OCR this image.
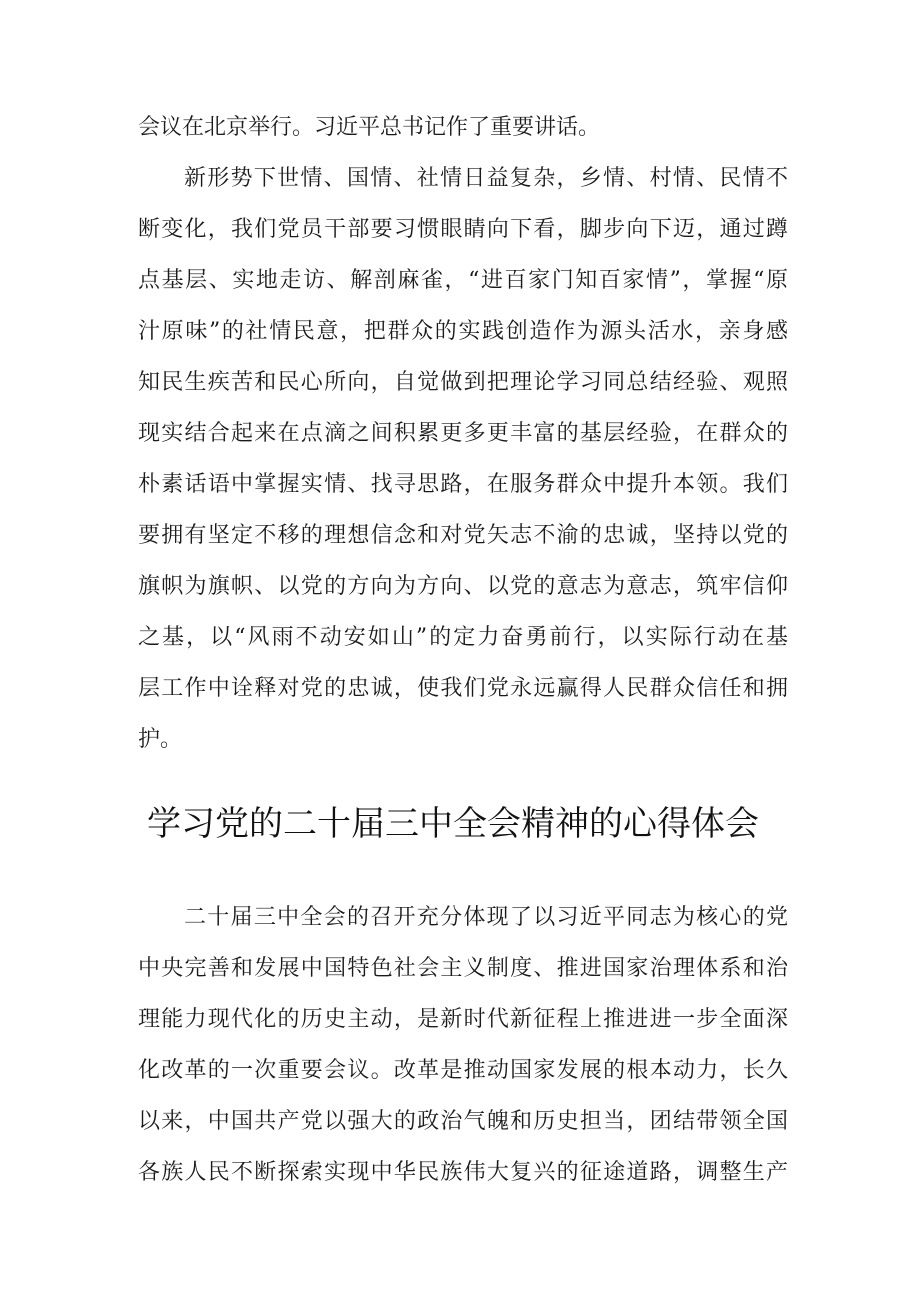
会议在北京举行。习近平总书记作了重要讲话。
新形势下世情、国情、社情日益复杂，乡情、村情、民情不
断变化，我们党员干部要习惯眼睛向下看，脚步向下迈，通过蹲
点基层、实地走访、解剖麻雀，“进百家门知百家情”，掌握“原
汁原味”的社情民意，把群众的实践创造作为源头活水，亲身感
知民生疾苦和民心所向，自觉做到把理论学习同总结经验、观照
现实结合起来在点滴之间积累更多更丰富的基层经验，在群众的
朴素话语中掌握实情、找寻思路，在服务群众中提升本领。我们
要拥有坚定不移的理想信念和对党矢志不渝的忠诚，坚持以党的
旗帜为旗帜、以党的方向为方向、以党的意志为意志，筑牢信仰
之基，以“风雨不动安如山”的定力奋勇前行，以实际行动在基
层工作中诠释对党的忠诚，使我们党永远赢得人民群众信任和拥
护。
学习党的二十届三中全会精神的心得体会
二十届三中全会的召开充分体现了以习近平同志为核心的党
中央完善和发展中国特色社会主义制度、推进国家治理体系和治
理能力现代化的历史主动，是新时代新征程上推进进一步全面深
化改革的一次重要会议。改革是推动国家发展的根本动力，长久
以来，中国共产党以强大的政治气魄和历史担当，团结带领全国
各族人民不断探索实现中华民族伟大复兴的征途道路，调整生产
